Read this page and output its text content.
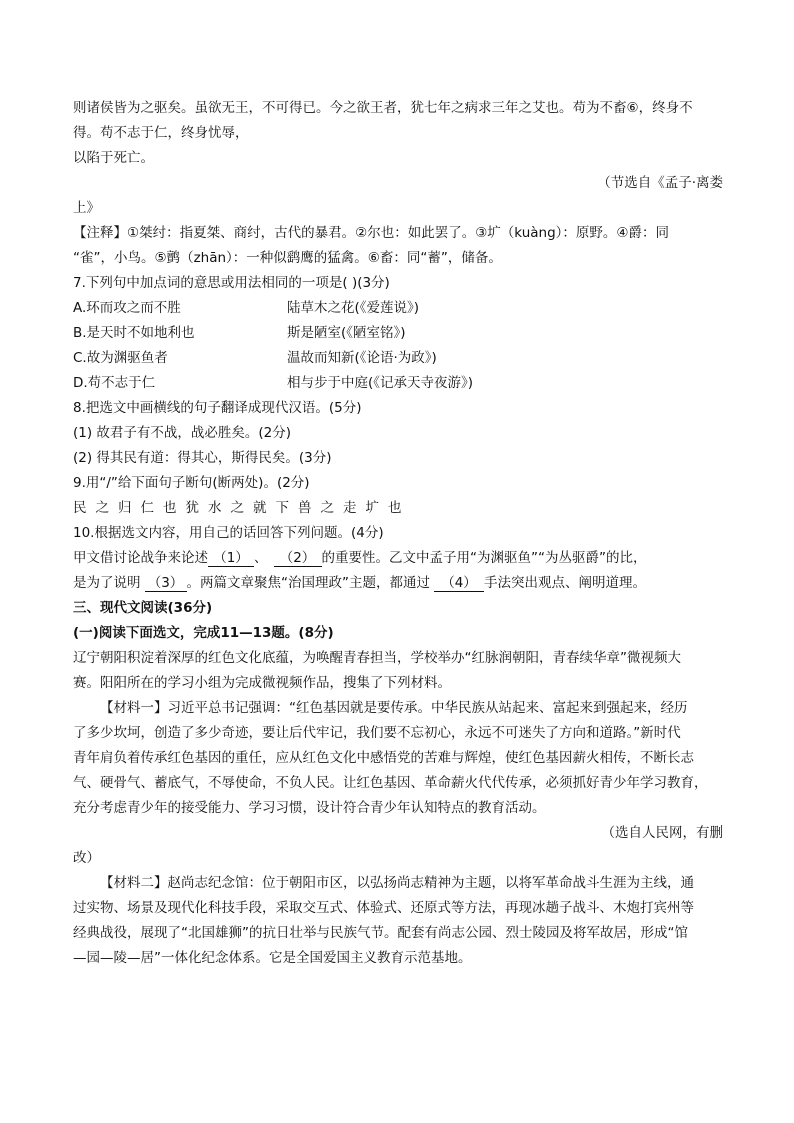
则诸侯皆为之驱矣。虽欲无王，不可得已。今之欲王者，犹七年之病求三年之艾也。苟为不畜⑥，终身不
得。苟不志于仁，终身忧辱，
以陷于死亡。
（节选自《孟子·离娄
上》
【注释】①桀纣：指夏桀、商纣，古代的暴君。②尔也：如此罢了。③圹（kuàng）：原野。④爵：同
“雀”，小鸟。⑤鹯（zhān）：一种似鹞鹰的猛禽。⑥畜：同“蓄”，储备。
7.下列句中加点词的意思或用法相同的一项是( )(3分)
A.环而攻之而不胜	陆草木之花(《爱莲说》)
B.是天时不如地利也	斯是陋室(《陋室铭》)
C.故为渊驱鱼者	温故而知新(《论语·为政》)
D.苟不志于仁	相与步于中庭(《记承天寺夜游》)
8.把选文中画横线的句子翻译成现代汉语。(5分)
(1) 故君子有不战，战必胜矣。(2分)
(2) 得其民有道：得其心，斯得民矣。(3分)
9.用“/”给下面句子断句(断两处)。(2分)
民之归仁也犹水之就下兽之走圹也
10.根据选文内容，用自己的话回答下列问题。(4分)
甲文借讨论战争来论述 （1） 、 （2） 的重要性。乙文中孟子用“为渊驱鱼”“为丛驱爵”的比，
是为了说明 （3） 。两篇文章聚焦“治国理政”主题，都通过 （4） 手法突出观点、阐明道理。
三、现代文阅读(36分)
(一)阅读下面选文，完成11—13题。(8分)
辽宁朝阳积淀着深厚的红色文化底蕴，为唤醒青春担当，学校举办“红脉润朝阳，青春续华章”微视频大
赛。阳阳所在的学习小组为完成微视频作品，搜集了下列材料。
【材料一】习近平总书记强调：“红色基因就是要传承。中华民族从站起来、富起来到强起来，经历
了多少坎坷，创造了多少奇迹，要让后代牢记，我们要不忘初心，永远不可迷失了方向和道路。”新时代
青年肩负着传承红色基因的重任，应从红色文化中感悟党的苦难与辉煌，使红色基因薪火相传，不断长志
气、硬骨气、蓄底气，不辱使命，不负人民。让红色基因、革命薪火代代传承，必须抓好青少年学习教育，
充分考虑青少年的接受能力、学习习惯，设计符合青少年认知特点的教育活动。
（选自人民网，有删
改）
【材料二】赵尚志纪念馆：位于朝阳市区，以弘扬尚志精神为主题，以将军革命战斗生涯为主线，通
过实物、场景及现代化科技手段，采取交互式、体验式、还原式等方法，再现冰趟子战斗、木炮打宾州等
经典战役，展现了“北国雄狮”的抗日壮举与民族气节。配套有尚志公园、烈士陵园及将军故居，形成“馆
—园—陵—居”一体化纪念体系。它是全国爱国主义教育示范基地。
